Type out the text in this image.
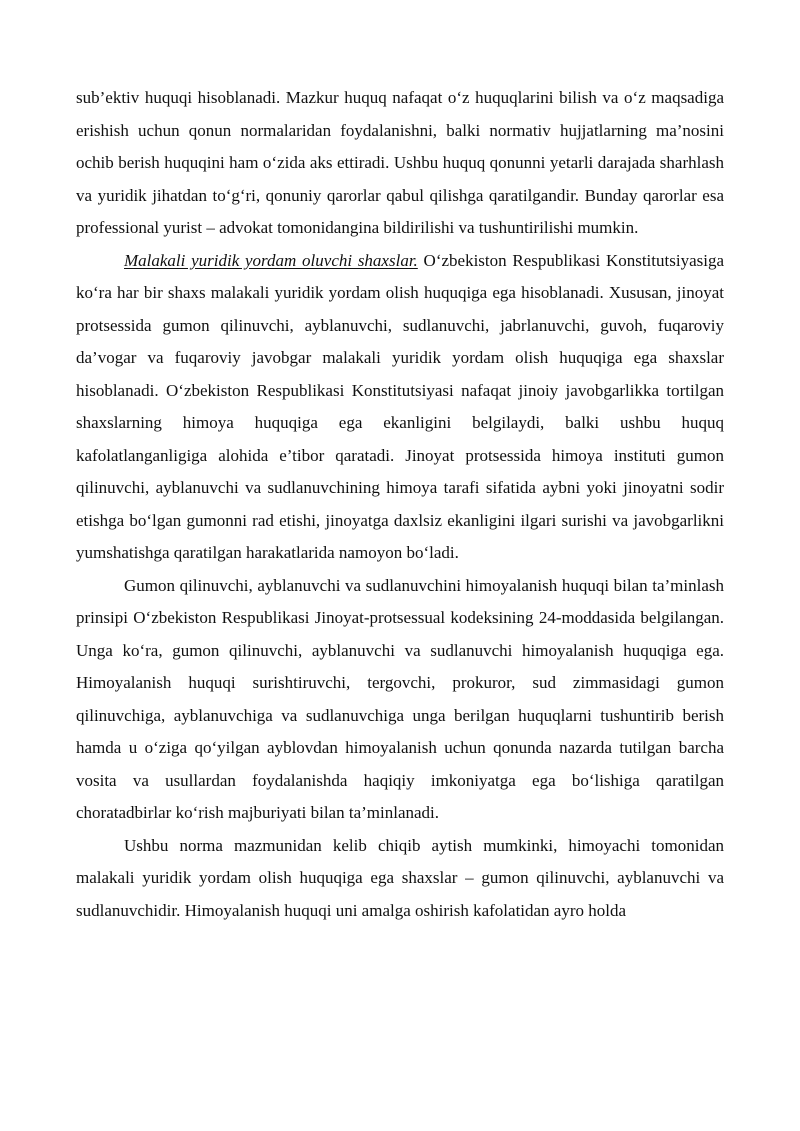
sub’ektiv huquqi hisoblanadi. Mazkur huquq nafaqat o‘z huquqlarini bilish va o‘z maqsadiga erishish uchun qonun normalaridan foydalanishni, balki normativ hujjatlarning ma’nosini ochib berish huquqini ham o‘zida aks ettiradi. Ushbu huquq qonunni yetarli darajada sharhlash va yuridik jihatdan to‘g‘ri, qonuniy qarorlar qabul qilishga qaratilgandir. Bunday qarorlar esa professional yurist – advokat tomonidangina bildirilishi va tushuntirilishi mumkin.

Malakali yuridik yordam oluvchi shaxslar. O‘zbekiston Respublikasi Konstitutsiyasiga ko‘ra har bir shaxs malakali yuridik yordam olish huquqiga ega hisoblanadi. Xususan, jinoyat protsessida gumon qilinuvchi, ayblanuvchi, sudlanuvchi, jabrlanuvchi, guvoh, fuqaroviy da’vogar va fuqaroviy javobgar malakali yuridik yordam olish huquqiga ega shaxslar hisoblanadi. O‘zbekiston Respublikasi Konstitutsiyasi nafaqat jinoiy javobgarlikka tortilgan shaxslarning himoya huquqiga ega ekanligini belgilaydi, balki ushbu huquq kafolatlanganligiga alohida e’tibor qaratadi. Jinoyat protsessida himoya instituti gumon qilinuvchi, ayblanuvchi va sudlanuvchining himoya tarafi sifatida aybni yoki jinoyatni sodir etishga bo‘lgan gumonni rad etishi, jinoyatga daxlsiz ekanligini ilgari surishi va javobgarlikni yumshatishga qaratilgan harakatlarida namoyon bo‘ladi.

Gumon qilinuvchi, ayblanuvchi va sudlanuvchini himoyalanish huquqi bilan ta’minlash prinsipi O‘zbekiston Respublikasi Jinoyat-protsessual kodeksining 24-moddasida belgilangan. Unga ko‘ra, gumon qilinuvchi, ayblanuvchi va sudlanuvchi himoyalanish huquqiga ega. Himoyalanish huquqi surishtiruvchi, tergovchi, prokuror, sud zimmasidagi gumon qilinuvchiga, ayblanuvchiga va sudlanuvchiga unga berilgan huquqlarni tushuntirib berish hamda u o‘ziga qo‘yilgan ayblovdan himoyalanish uchun qonunda nazarda tutilgan barcha vosita va usullardan foydalanishda haqiqiy imkoniyatga ega bo‘lishiga qaratilgan choratadbirlar ko‘rish majburiyati bilan ta’minlanadi.

Ushbu norma mazmunidan kelib chiqib aytish mumkinki, himoyachi tomonidan malakali yuridik yordam olish huquqiga ega shaxslar – gumon qilinuvchi, ayblanuvchi va sudlanuvchidir. Himoyalanish huquqi uni amalga oshirish kafolatidan ayro holda
